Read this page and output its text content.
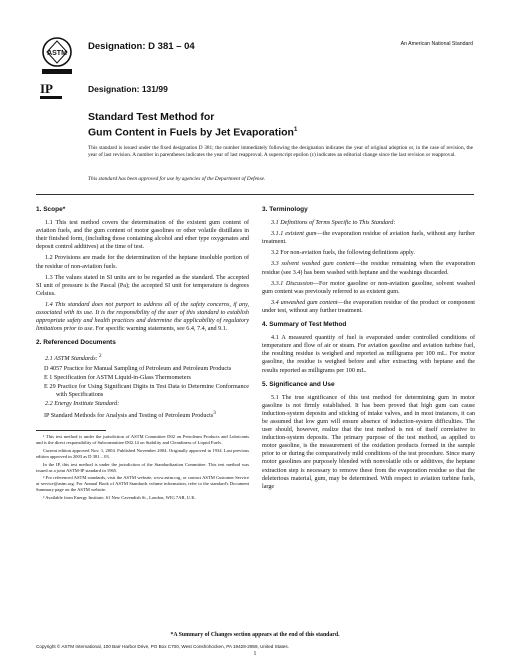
ASTM
IP
Designation: D 381 – 04
Designation: 131/99
An American National Standard
Standard Test Method for
Gum Content in Fuels by Jet Evaporation$^1$
This standard is issued under the fixed designation D 381; the number immediately following the designation indicates the year of original adoption or, in the case of revision, the year of last revision. A number in parentheses indicates the year of last reapproval. A superscript epsilon (ε) indicates an editorial change since the last revision or reapproval.
This standard has been approved for use by agencies of the Department of Defense.
1. Scope*
1.1 This test method covers the determination of the existent gum content of aviation fuels, and the gum content of motor gasolines or other volatile distillates in their finished form, (including those containing alcohol and ether type oxygenates and deposit control additives) at the time of test.
1.2 Provisions are made for the determination of the heptane insoluble portion of the residue of non-aviation fuels.
1.3 The values stated in SI units are to be regarded as the standard. The accepted SI unit of pressure is the Pascal (Pa); the accepted SI unit for temperature is degrees Celsius.
1.4 This standard does not purport to address all of the safety concerns, if any, associated with its use. It is the responsibility of the user of this standard to establish appropriate safety and health practices and determine the applicability of regulatory limitations prior to use. For specific warning statements, see 6.4, 7.4, and 9.1.
2. Referenced Documents
2.1 ASTM Standards: $^2$
D 4057 Practice for Manual Sampling of Petroleum and Petroleum Products
E 1 Specification for ASTM Liquid-in-Glass Thermometers
E 29 Practice for Using Significant Digits in Test Data to Determine Conformance with Specifications
2.2 Energy Institute Standard:
IP Standard Methods for Analysis and Testing of Petroleum Products$^3$
¹ This test method is under the jurisdiction of ASTM Committee D02 on Petroleum Products and Lubricants and is the direct responsibility of Subcommittee D02.14 on Stability and Cleanliness of Liquid Fuels.
Current edition approved Nov. 1, 2004. Published November 2004. Originally approved in 1934. Last previous edition approved in 2003 as D 381 – 03.
In the IP, this test method is under the jurisdiction of the Standardization Committee. This test method was issued as a joint ASTM-IP standard in 1965.
² For referenced ASTM standards, visit the ASTM website, www.astm.org, or contact ASTM Customer Service at service@astm.org. For Annual Book of ASTM Standards volume information, refer to the standard's Document Summary page on the ASTM website.
³ Available from Energy Institute, 61 New Cavendish St., London, WIG 7AR, U.K.
3. Terminology
3.1 Definitions of Terms Specific to This Standard:
3.1.1 existent gum—the evaporation residue of aviation fuels, without any further treatment.
3.2 For non-aviation fuels, the following definitions apply.
3.3 solvent washed gum content—the residue remaining when the evaporation residue (see 3.4) has been washed with heptane and the washings discarded.
3.3.1 Discussion—For motor gasoline or non-aviation gasoline, solvent washed gum content was previously referred to as existent gum.
3.4 unwashed gum content—the evaporation residue of the product or component under test, without any further treatment.
4. Summary of Test Method
4.1 A measured quantity of fuel is evaporated under controlled conditions of temperature and flow of air or steam. For aviation gasoline and aviation turbine fuel, the resulting residue is weighed and reported as milligrams per 100 mL. For motor gasoline, the residue is weighed before and after extracting with heptane and the results reported as milligrams per 100 mL.
5. Significance and Use
5.1 The true significance of this test method for determining gum in motor gasoline is not firmly established. It has been proved that high gum can cause induction-system deposits and sticking of intake valves, and in most instances, it can be assumed that low gum will ensure absence of induction-system difficulties. The user should, however, realize that the test method is not of itself correlative to induction-system deposits. The primary purpose of the test method, as applied to motor gasoline, is the measurement of the oxidation products formed in the sample prior to or during the comparatively mild conditions of the test procedure. Since many motor gasolines are purposely blended with nonvolatile oils or additives, the heptane extraction step is necessary to remove these from the evaporation residue so that the deleterious material, gum, may be determined. With respect to aviation turbine fuels, large
*A Summary of Changes section appears at the end of this standard.
Copyright © ASTM International, 100 Barr Harbor Drive, PO Box C700, West Conshohocken, PA 19428-2959, United States.
1
